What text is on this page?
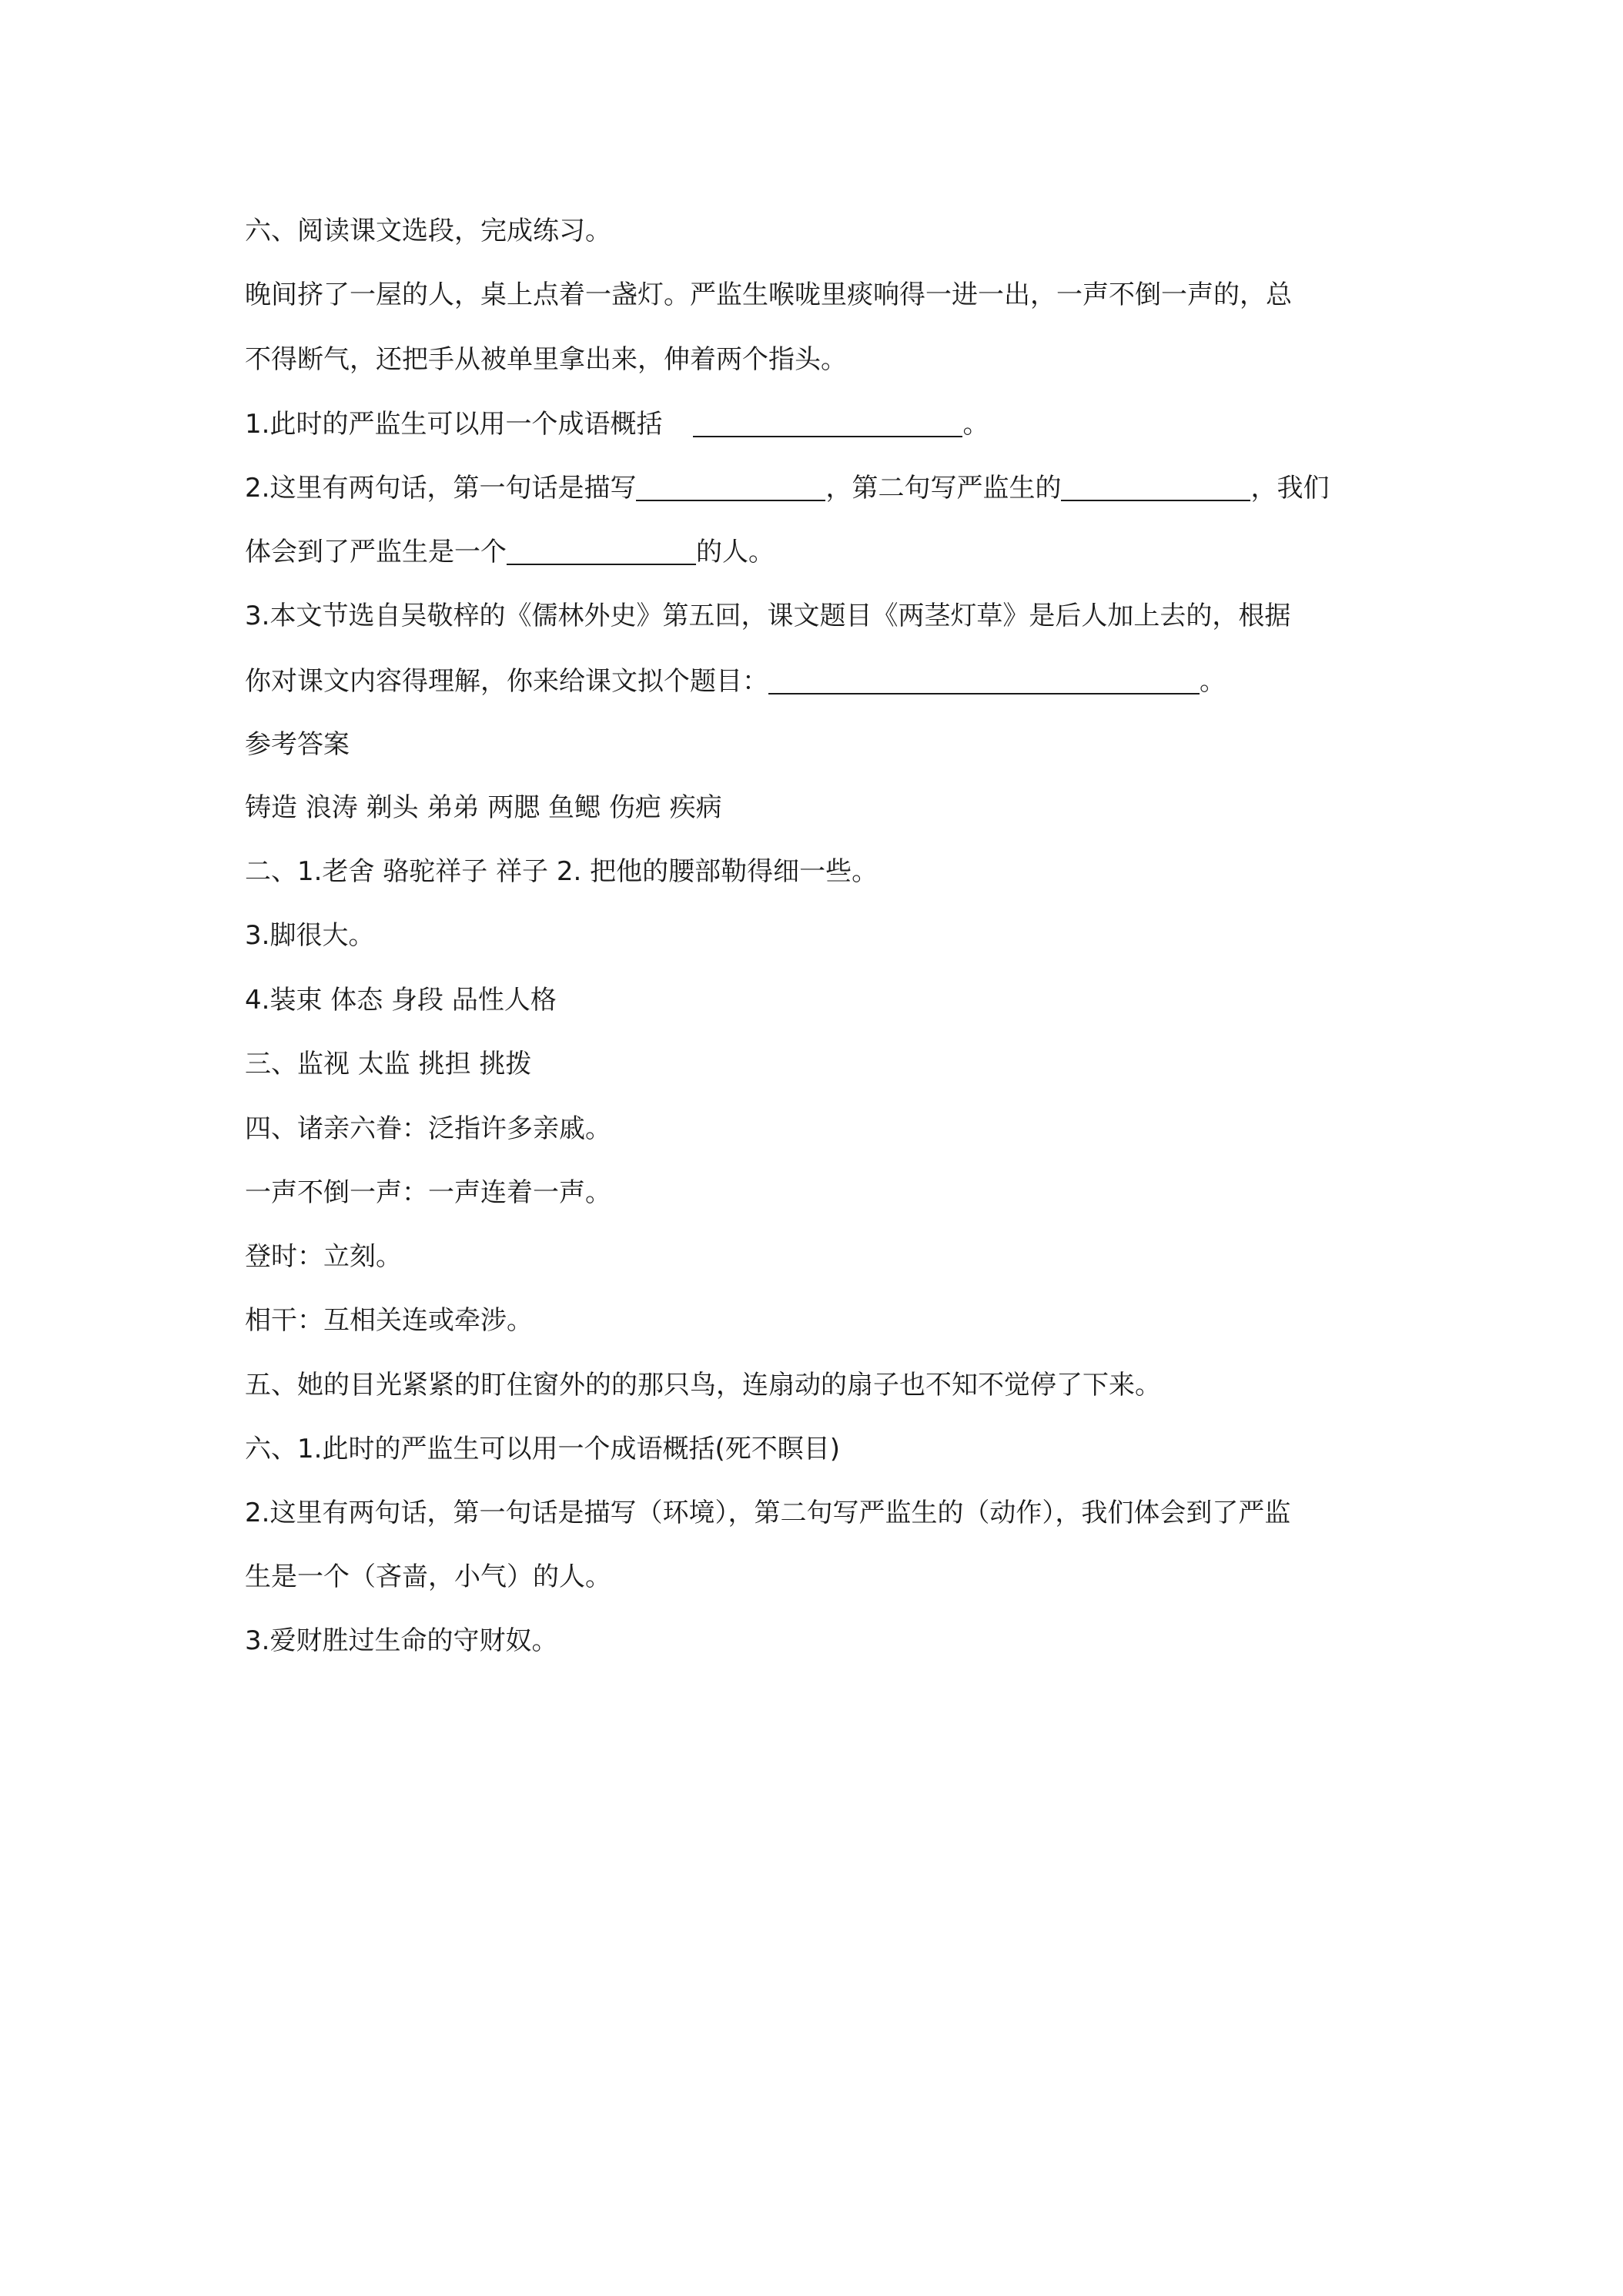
六、阅读课文选段，完成练习。
晚间挤了一屋的人，桌上点着一盏灯。严监生喉咙里痰响得一进一出，一声不倒一声的，总
不得断气，还把手从被单里拿出来，伸着两个指头。
1.此时的严监生可以用一个成语概括	。
2.这里有两句话，第一句话是描写	，第二句写严监生的	，我们
体会到了严监生是一个	的人。
3.本文节选自吴敬梓的《儒林外史》第五回，课文题目《两茎灯草》是后人加上去的，根据
你对课文内容得理解，你来给课文拟个题目：	。
参考答案
铸造 浪涛 剃头 弟弟 两腮 鱼鳃 伤疤 疾病
二、1.老舍 骆驼祥子 祥子 2. 把他的腰部勒得细一些。
3.脚很大。
4.装束 体态 身段 品性人格
三、监视 太监 挑担 挑拨
四、诸亲六眷：泛指许多亲戚。
一声不倒一声：一声连着一声。
登时：立刻。
相干：互相关连或牵涉。
五、她的目光紧紧的盯住窗外的的那只鸟，连扇动的扇子也不知不觉停了下来。
六、1.此时的严监生可以用一个成语概括(死不瞑目)
2.这里有两句话，第一句话是描写（环境），第二句写严监生的（动作），我们体会到了严监
生是一个（吝啬，小气）的人。
3.爱财胜过生命的守财奴。
